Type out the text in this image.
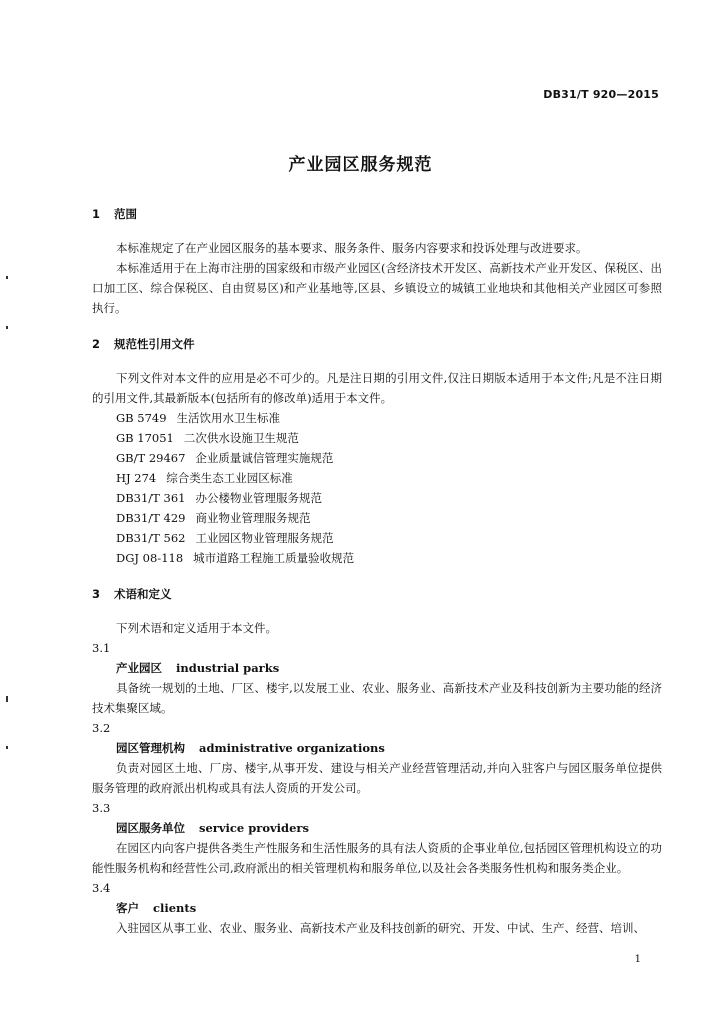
DB31/T 920—2015
产业园区服务规范
1 范围

本标准规定了在产业园区服务的基本要求、服务条件、服务内容要求和投诉处理与改进要求。

本标准适用于在上海市注册的国家级和市级产业园区(含经济技术开发区、高新技术产业开发区、保税区、出口加工区、综合保税区、自由贸易区)和产业基地等,区县、乡镇设立的城镇工业地块和其他相关产业园区可参照执行。

2 规范性引用文件

下列文件对本文件的应用是必不可少的。凡是注日期的引用文件,仅注日期版本适用于本文件;凡是不注日期的引用文件,其最新版本(包括所有的修改单)适用于本文件。

GB 5749 生活饮用水卫生标准
GB 17051 二次供水设施卫生规范
GB/T 29467 企业质量诚信管理实施规范
HJ 274 综合类生态工业园区标准
DB31/T 361 办公楼物业管理服务规范
DB31/T 429 商业物业管理服务规范
DB31/T 562 工业园区物业管理服务规范
DGJ 08-118 城市道路工程施工质量验收规范
3 术语和定义

下列术语和定义适用于本文件。

3.1
产业园区 industrial parks

具备统一规划的土地、厂区、楼宇,以发展工业、农业、服务业、高新技术产业及科技创新为主要功能的经济技术集聚区域。

3.2
园区管理机构 administrative organizations

负责对园区土地、厂房、楼宇,从事开发、建设与相关产业经营管理活动,并向入驻客户与园区服务单位提供服务管理的政府派出机构或具有法人资质的开发公司。

3.3
园区服务单位 service providers

在园区内向客户提供各类生产性服务和生活性服务的具有法人资质的企事业单位,包括园区管理机构设立的功能性服务机构和经营性公司,政府派出的相关管理机构和服务单位,以及社会各类服务性机构和服务类企业。

3.4
客户 clients

入驻园区从事工业、农业、服务业、高新技术产业及科技创新的研究、开发、中试、生产、经营、培训、

1
